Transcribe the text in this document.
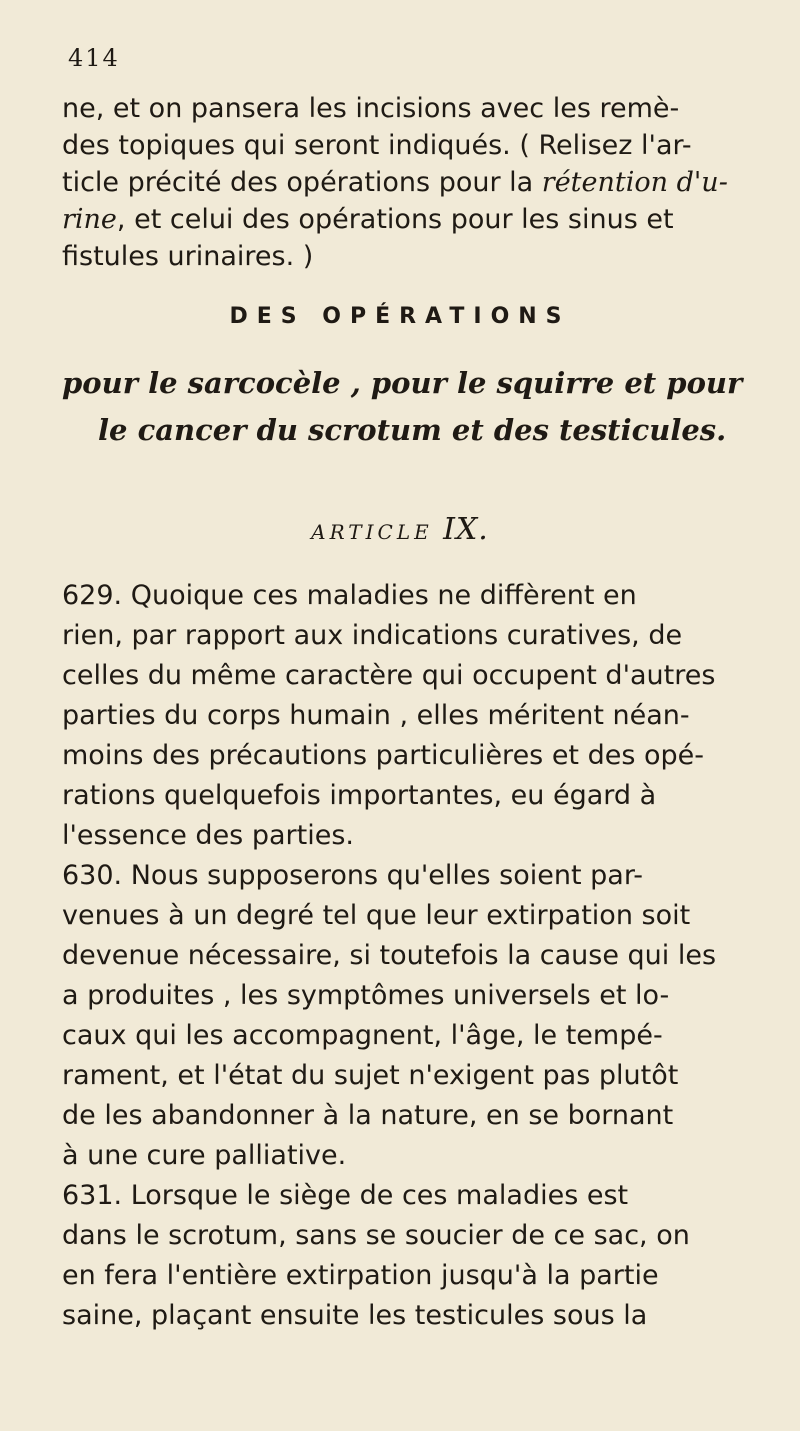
414
ne, et on pansera les incisions avec les remè-
des topiques qui seront indiqués. ( Relisez l'ar-
ticle précité des opérations pour la rétention d'u-
rine, et celui des opérations pour les sinus et
fistules urinaires. )
DES OPÉRATIONS
pour le sarcocèle , pour le squirre et pour
le cancer du scrotum et des testicules.
ARTICLE IX.
629. Quoique ces maladies ne diffèrent en
rien, par rapport aux indications curatives, de
celles du même caractère qui occupent d'autres
parties du corps humain , elles méritent néan-
moins des précautions particulières et des opé-
rations quelquefois importantes, eu égard à
l'essence des parties.
630. Nous supposerons qu'elles soient par-
venues à un degré tel que leur extirpation soit
devenue nécessaire, si toutefois la cause qui les
a produites , les symptômes universels et lo-
caux qui les accompagnent, l'âge, le tempé-
rament, et l'état du sujet n'exigent pas plutôt
de les abandonner à la nature, en se bornant
à une cure palliative.
631. Lorsque le siège de ces maladies est
dans le scrotum, sans se soucier de ce sac, on
en fera l'entière extirpation jusqu'à la partie
saine, plaçant ensuite les testicules sous la
